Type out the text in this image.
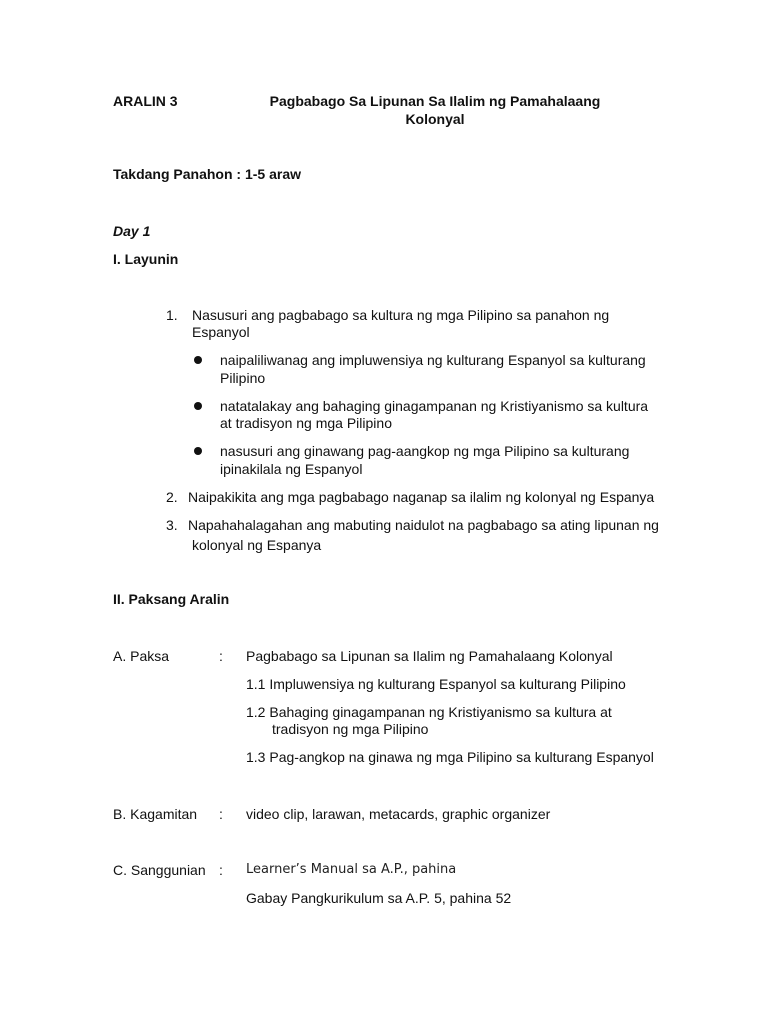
ARALIN 3	Pagbabago Sa Lipunan Sa Ilalim ng Pamahalaang
Kolonyal
Takdang Panahon : 1-5 araw
Day 1
I. Layunin
1. Nasusuri ang pagbabago sa kultura ng mga Pilipino sa panahon ng
Espanyol
naipaliliwanag ang impluwensiya ng kulturang Espanyol sa kulturang
Pilipino
natatalakay ang bahaging ginagampanan ng Kristiyanismo sa kultura
at tradisyon ng mga Pilipino
nasusuri ang ginawang pag-aangkop ng mga Pilipino sa kulturang
ipinakilala ng Espanyol
2. Naipakikita ang mga pagbabago naganap sa ilalim ng kolonyal ng Espanya
3. Napahahalagahan ang mabuting naidulot na pagbabago sa ating lipunan ng
kolonyal ng Espanya
II. Paksang Aralin
A. Paksa	: Pagbabago sa Lipunan sa Ilalim ng Pamahalaang Kolonyal
1.1 Impluwensiya ng kulturang Espanyol sa kulturang Pilipino
1.2 Bahaging ginagampanan ng Kristiyanismo sa kultura at
tradisyon ng mga Pilipino
1.3 Pag-angkop na ginawa ng mga Pilipino sa kulturang Espanyol
B. Kagamitan : video clip, larawan, metacards, graphic organizer
C. Sanggunian : Learner’s Manual sa A.P., pahina
Gabay Pangkurikulum sa A.P. 5, pahina 52
